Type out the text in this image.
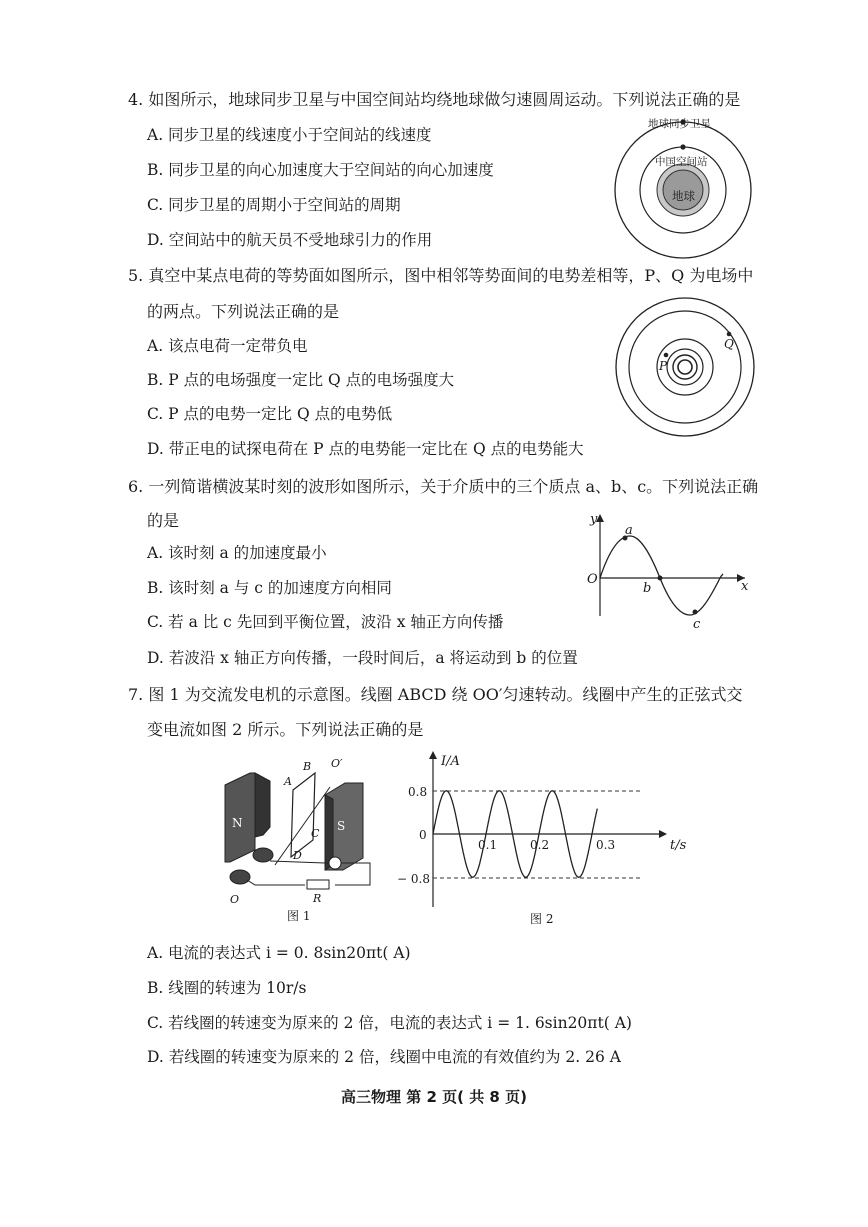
4. 如图所示，地球同步卫星与中国空间站均绕地球做匀速圆周运动。下列说法正确的是
A. 同步卫星的线速度小于空间站的线速度
B. 同步卫星的向心加速度大于空间站的向心加速度
C. 同步卫星的周期小于空间站的周期
D. 空间站中的航天员不受地球引力的作用
地球同步卫星
中国空间站
地球
5. 真空中某点电荷的等势面如图所示，图中相邻等势面间的电势差相等，P、Q 为电场中
的两点。下列说法正确的是
A. 该点电荷一定带负电
B. P 点的电场强度一定比 Q 点的电场强度大
C. P 点的电势一定比 Q 点的电势低
D. 带正电的试探电荷在 P 点的电势能一定比在 Q 点的电势能大
P
Q
6. 一列简谐横波某时刻的波形如图所示，关于介质中的三个质点 a、b、c。下列说法正确
的是
A. 该时刻 a 的加速度最小
B. 该时刻 a 与 c 的加速度方向相同
C. 若 a 比 c 先回到平衡位置，波沿 x 轴正方向传播
D. 若波沿 x 轴正方向传播，一段时间后，a 将运动到 b 的位置
y
x
O
a
b
c
7. 图 1 为交流发电机的示意图。线圈 ABCD 绕 OO′匀速转动。线圈中产生的正弦式交
变电流如图 2 所示。下列说法正确的是
N	S
A
B
C
D
O′
O	R
图 1
I/A
t/s
0.8
0
− 0.8
0.1	0.2	0.3
图 2
A. 电流的表达式 i = 0. 8sin20πt( A)
B. 线圈的转速为 10r/s
C. 若线圈的转速变为原来的 2 倍，电流的表达式 i = 1. 6sin20πt( A)
D. 若线圈的转速变为原来的 2 倍，线圈中电流的有效值约为 2. 26 A
高三物理 第 2 页( 共 8 页)
